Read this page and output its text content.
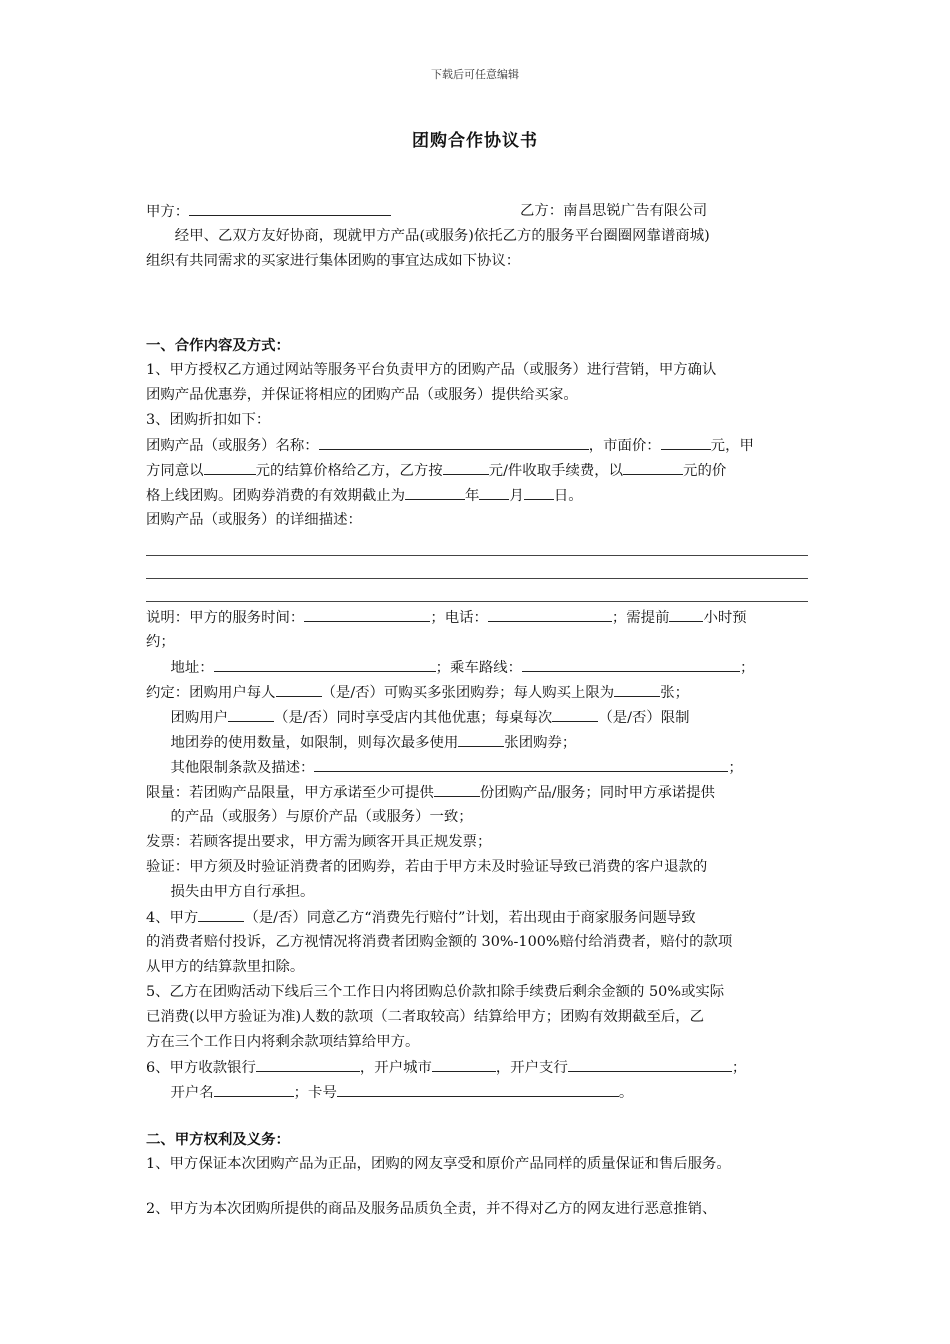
下载后可任意编辑
团购合作协议书
甲方：	乙方：南昌思锐广告有限公司
经甲、乙双方友好协商，现就甲方产品(或服务)依托乙方的服务平台圈圈网靠谱商城)
组织有共同需求的买家进行集体团购的事宜达成如下协议：
一、合作内容及方式：
1、甲方授权乙方通过网站等服务平台负责甲方的团购产品（或服务）进行营销，甲方确认
团购产品优惠券，并保证将相应的团购产品（或服务）提供给买家。
3、团购折扣如下：
团购产品（或服务）名称：	，市面价：	元，甲
方同意以	元的结算价格给乙方，乙方按	元/件收取手续费，以	元的价
格上线团购。团购券消费的有效期截止为	年 月 日。
团购产品（或服务）的详细描述：
说明：甲方的服务时间：	；电话：	；需提前 小时预
约；
地址：	；乘车路线：	；
约定：团购用户每人	（是/否）可购买多张团购券；每人购买上限为	张；
团购用户	（是/否）同时享受店内其他优惠；每桌每次	（是/否）限制
地团券的使用数量，如限制，则每次最多使用	张团购券；
其他限制条款及描述：	；
限量：若团购产品限量，甲方承诺至少可提供	份团购产品/服务；同时甲方承诺提供
的产品（或服务）与原价产品（或服务）一致；
发票：若顾客提出要求，甲方需为顾客开具正规发票；
验证：甲方须及时验证消费者的团购券，若由于甲方未及时验证导致已消费的客户退款的
损失由甲方自行承担。
4、甲方	（是/否）同意乙方“消费先行赔付”计划，若出现由于商家服务问题导致
的消费者赔付投诉，乙方视情况将消费者团购金额的 30%-100%赔付给消费者，赔付的款项
从甲方的结算款里扣除。
5、乙方在团购活动下线后三个工作日内将团购总价款扣除手续费后剩余金额的 50%或实际
已消费(以甲方验证为准)人数的款项（二者取较高）结算给甲方；团购有效期截至后，乙
方在三个工作日内将剩余款项结算给甲方。
6、甲方收款银行	，开户城市	，开户支行	；
开户名	；卡号	。
二、甲方权利及义务：
1、甲方保证本次团购产品为正品，团购的网友享受和原价产品同样的质量保证和售后服务。
2、甲方为本次团购所提供的商品及服务品质负全责，并不得对乙方的网友进行恶意推销、
